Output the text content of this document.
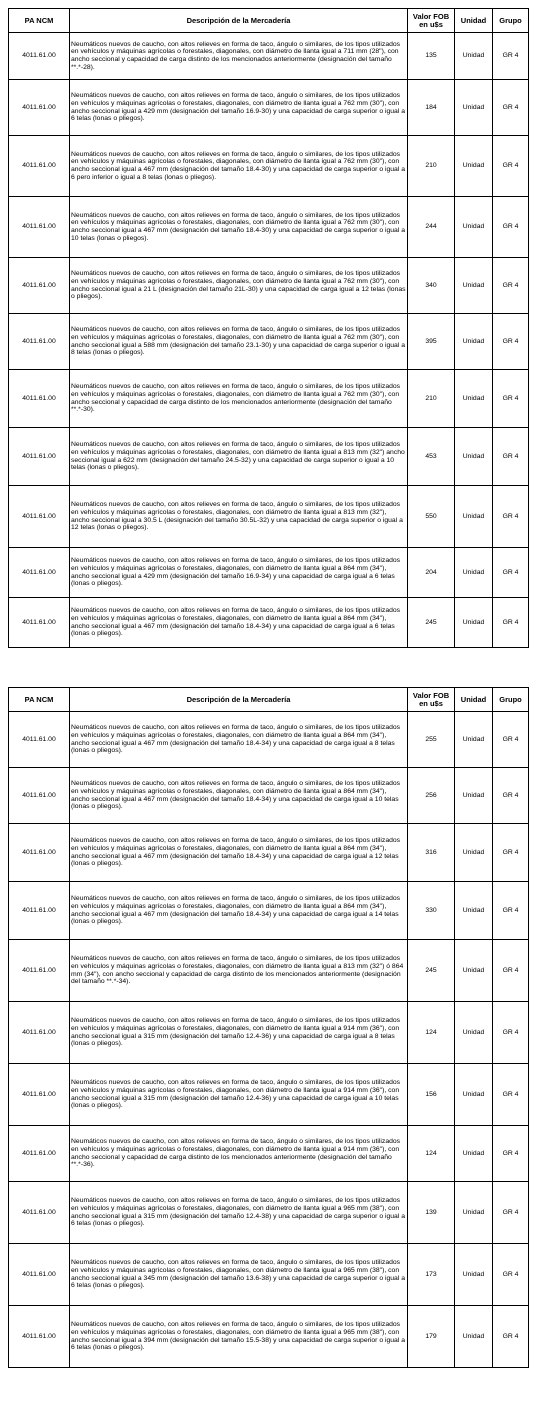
PA NCM	Descripción de la Mercadería	Valor FOB en u$s	Unidad	Grupo
4011.61.00	Neumáticos nuevos de caucho, con altos relieves en forma de taco, ángulo o similares, de los tipos utilizados en vehículos y máquinas agrícolas o forestales, diagonales, con diámetro de llanta igual a 711 mm (28"), con ancho seccional y capacidad de carga distinto de los mencionados anteriormente (designación del tamaño **.*-28).	135	Unidad	GR 4
4011.61.00	Neumáticos nuevos de caucho, con altos relieves en forma de taco, ángulo o similares, de los tipos utilizados en vehículos y máquinas agrícolas o forestales, diagonales, con diámetro de llanta igual a 762 mm (30"), con ancho seccional igual a 429 mm (designación del tamaño 16.9-30) y una capacidad de carga superior o igual a 6 telas (lonas o pliegos).	184	Unidad	GR 4
4011.61.00	Neumáticos nuevos de caucho, con altos relieves en forma de taco, ángulo o similares, de los tipos utilizados en vehículos y máquinas agrícolas o forestales, diagonales, con diámetro de llanta igual a 762 mm (30"), con ancho seccional igual a 467 mm (designación del tamaño 18.4-30) y una capacidad de carga superior o igual a 6 pero inferior o igual a 8 telas (lonas o pliegos).	210	Unidad	GR 4
4011.61.00	Neumáticos nuevos de caucho, con altos relieves en forma de taco, ángulo o similares, de los tipos utilizados en vehículos y máquinas agrícolas o forestales, diagonales, con diámetro de llanta igual a 762 mm (30"), con ancho seccional igual a 467 mm (designación del tamaño 18.4-30) y una capacidad de carga superior o igual a 10 telas (lonas o pliegos).	244	Unidad	GR 4
4011.61.00	Neumáticos nuevos de caucho, con altos relieves en forma de taco, ángulo o similares, de los tipos utilizados en vehículos y máquinas agrícolas o forestales, diagonales, con diámetro de llanta igual a 762 mm (30"), con ancho seccional igual a 21 L (designación del tamaño 21L-30) y una capacidad de carga igual a 12 telas (lonas o pliegos).	340	Unidad	GR 4
4011.61.00	Neumáticos nuevos de caucho, con altos relieves en forma de taco, ángulo o similares, de los tipos utilizados en vehículos y máquinas agrícolas o forestales, diagonales, con diámetro de llanta igual a 762 mm (30"), con ancho seccional igual a 588 mm (designación del tamaño 23.1-30) y una capacidad de carga superior o igual a 8 telas (lonas o pliegos).	395	Unidad	GR 4
4011.61.00	Neumáticos nuevos de caucho, con altos relieves en forma de taco, ángulo o similares, de los tipos utilizados en vehículos y máquinas agrícolas o forestales, diagonales, con diámetro de llanta igual a 762 mm (30"), con ancho seccional y capacidad de carga distinto de los mencionados anteriormente (designación del tamaño **.*-30).	210	Unidad	GR 4
4011.61.00	Neumáticos nuevos de caucho, con altos relieves en forma de taco, ángulo o similares, de los tipos utilizados en vehículos y máquinas agrícolas o forestales, diagonales, con diámetro de llanta igual a 813 mm (32") ancho seccional igual a 622 mm (designación del tamaño 24.5-32) y una capacidad de carga superior o igual a 10 telas (lonas o pliegos).	453	Unidad	GR 4
4011.61.00	Neumáticos nuevos de caucho, con altos relieves en forma de taco, ángulo o similares, de los tipos utilizados en vehículos y máquinas agrícolas o forestales, diagonales, con diámetro de llanta igual a 813 mm (32"), ancho seccional igual a 30.5 L (designación del tamaño 30.5L-32) y una capacidad de carga superior o igual a 12 telas (lonas o pliegos).	550	Unidad	GR 4
4011.61.00	Neumáticos nuevos de caucho, con altos relieves en forma de taco, ángulo o similares, de los tipos utilizados en vehículos y máquinas agrícolas o forestales, diagonales, con diámetro de llanta igual a 864 mm (34"), ancho seccional igual a 429 mm (designación del tamaño 16.9-34) y una capacidad de carga igual a 6 telas (lonas o pliegos).	204	Unidad	GR 4
4011.61.00	Neumáticos nuevos de caucho, con altos relieves en forma de taco, ángulo o similares, de los tipos utilizados en vehículos y máquinas agrícolas o forestales, diagonales, con diámetro de llanta igual a 864 mm (34"), ancho seccional igual a 467 mm (designación del tamaño 18.4-34) y una capacidad de carga igual a 6 telas (lonas o pliegos).	245	Unidad	GR 4
PA NCM	Descripción de la Mercadería	Valor FOB en u$s	Unidad	Grupo
4011.61.00	Neumáticos nuevos de caucho, con altos relieves en forma de taco, ángulo o similares, de los tipos utilizados en vehículos y máquinas agrícolas o forestales, diagonales, con diámetro de llanta igual a 864 mm (34"), ancho seccional igual a 467 mm (designación del tamaño 18.4-34) y una capacidad de carga igual a 8 telas (lonas o pliegos).	255	Unidad	GR 4
4011.61.00	Neumáticos nuevos de caucho, con altos relieves en forma de taco, ángulo o similares, de los tipos utilizados en vehículos y máquinas agrícolas o forestales, diagonales, con diámetro de llanta igual a 864 mm (34"), ancho seccional igual a 467 mm (designación del tamaño 18.4-34) y una capacidad de carga igual a 10 telas (lonas o pliegos).	256	Unidad	GR 4
4011.61.00	Neumáticos nuevos de caucho, con altos relieves en forma de taco, ángulo o similares, de los tipos utilizados en vehículos y máquinas agrícolas o forestales, diagonales, con diámetro de llanta igual a 864 mm (34"), ancho seccional igual a 467 mm (designación del tamaño 18.4-34) y una capacidad de carga igual a 12 telas (lonas o pliegos).	316	Unidad	GR 4
4011.61.00	Neumáticos nuevos de caucho, con altos relieves en forma de taco, ángulo o similares, de los tipos utilizados en vehículos y máquinas agrícolas o forestales, diagonales, con diámetro de llanta igual a 864 mm (34"), ancho seccional igual a 467 mm (designación del tamaño 18.4-34) y una capacidad de carga igual a 14 telas (lonas o pliegos).	330	Unidad	GR 4
4011.61.00	Neumáticos nuevos de caucho, con altos relieves en forma de taco, ángulo o similares, de los tipos utilizados en vehículos y máquinas agrícolas o forestales, diagonales, con diámetro de llanta igual a 813 mm (32") ó 864 mm (34"), con ancho seccional y capacidad de carga distinto de los mencionados anteriormente (designación del tamaño **.*-34).	245	Unidad	GR 4
4011.61.00	Neumáticos nuevos de caucho, con altos relieves en forma de taco, ángulo o similares, de los tipos utilizados en vehículos y máquinas agrícolas o forestales, diagonales, con diámetro de llanta igual a 914 mm (36"), con ancho seccional igual a 315 mm (designación del tamaño 12.4-36) y una capacidad de carga igual a 8 telas (lonas o pliegos).	124	Unidad	GR 4
4011.61.00	Neumáticos nuevos de caucho, con altos relieves en forma de taco, ángulo o similares, de los tipos utilizados en vehículos y máquinas agrícolas o forestales, diagonales, con diámetro de llanta igual a 914 mm (36"), con ancho seccional igual a 315 mm (designación del tamaño 12.4-36) y una capacidad de carga igual a 10 telas (lonas o pliegos).	156	Unidad	GR 4
4011.61.00	Neumáticos nuevos de caucho, con altos relieves en forma de taco, ángulo o similares, de los tipos utilizados en vehículos y máquinas agrícolas o forestales, diagonales, con diámetro de llanta igual a 914 mm (36"), con ancho seccional y capacidad de carga distinto de los mencionados anteriormente (designación del tamaño **.*-36).	124	Unidad	GR 4
4011.61.00	Neumáticos nuevos de caucho, con altos relieves en forma de taco, ángulo o similares, de los tipos utilizados en vehículos y máquinas agrícolas o forestales, diagonales, con diámetro de llanta igual a 965 mm (38"), con ancho seccional igual a 315 mm (designación del tamaño 12.4-38) y una capacidad de carga superior o igual a 6 telas (lonas o pliegos).	139	Unidad	GR 4
4011.61.00	Neumáticos nuevos de caucho, con altos relieves en forma de taco, ángulo o similares, de los tipos utilizados en vehículos y máquinas agrícolas o forestales, diagonales, con diámetro de llanta igual a 965 mm (38"), con ancho seccional igual a 345 mm (designación del tamaño 13.6-38) y una capacidad de carga superior o igual a 6 telas (lonas o pliegos).	173	Unidad	GR 4
4011.61.00	Neumáticos nuevos de caucho, con altos relieves en forma de taco, ángulo o similares, de los tipos utilizados en vehículos y máquinas agrícolas o forestales, diagonales, con diámetro de llanta igual a 965 mm (38"), con ancho seccional igual a 394 mm (designación del tamaño 15.5-38) y una capacidad de carga superior o igual a 6 telas (lonas o pliegos).	179	Unidad	GR 4
